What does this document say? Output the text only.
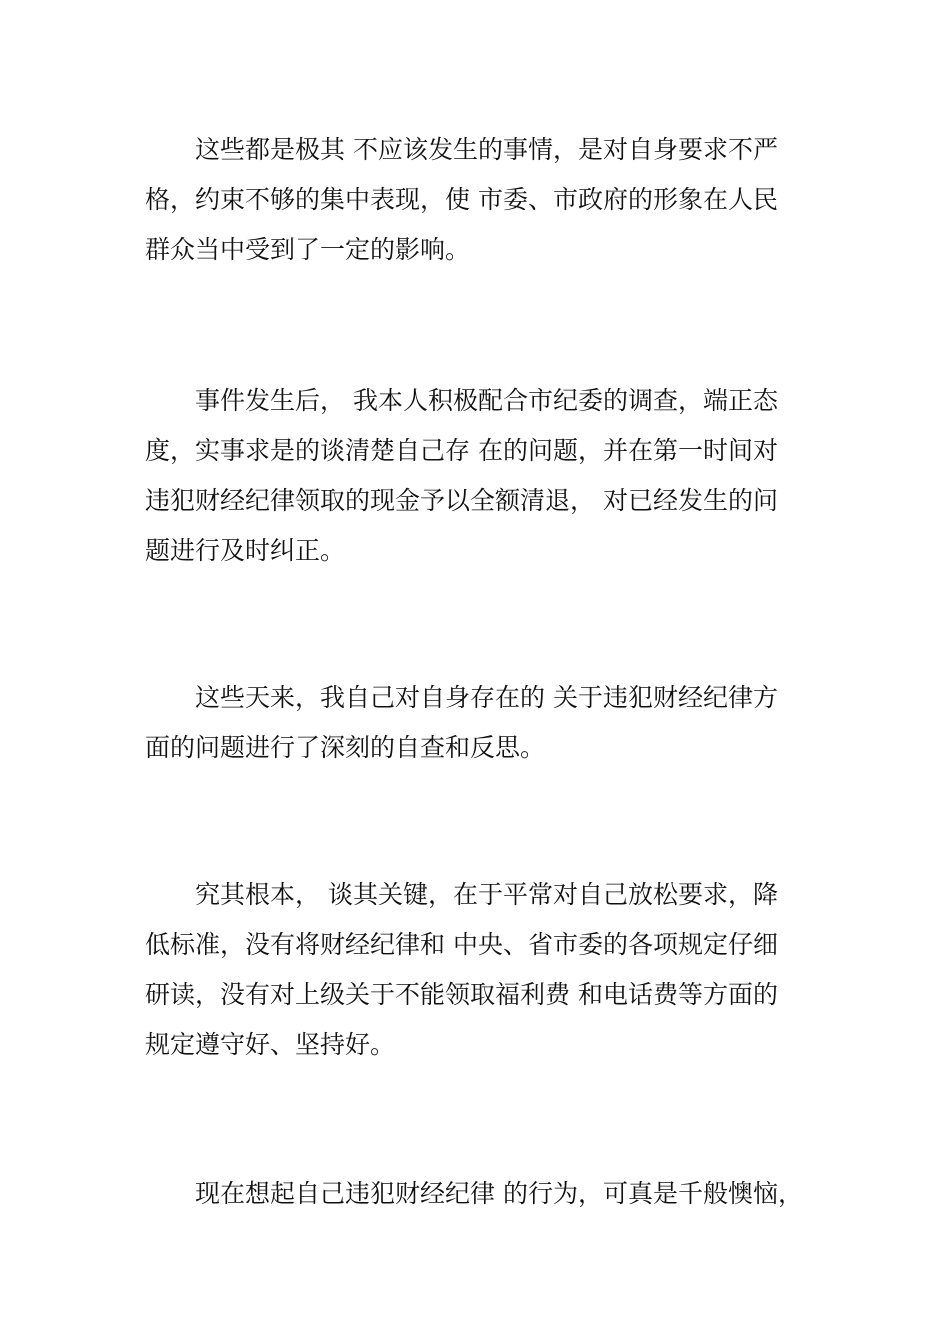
这些都是极其 不应该发生的事情，是对自身要求不严
格，约束不够的集中表现，使 市委、市政府的形象在人民
群众当中受到了一定的影响。
事件发生后， 我本人积极配合市纪委的调查，端正态
度，实事求是的谈清楚自己存 在的问题，并在第一时间对
违犯财经纪律领取的现金予以全额清退， 对已经发生的问
题进行及时纠正。
这些天来，我自己对自身存在的 关于违犯财经纪律方
面的问题进行了深刻的自查和反思。
究其根本， 谈其关键，在于平常对自己放松要求，降
低标准，没有将财经纪律和 中央、省市委的各项规定仔细
研读，没有对上级关于不能领取福利费 和电话费等方面的
规定遵守好、坚持好。
现在想起自己违犯财经纪律 的行为，可真是千般懊恼，
